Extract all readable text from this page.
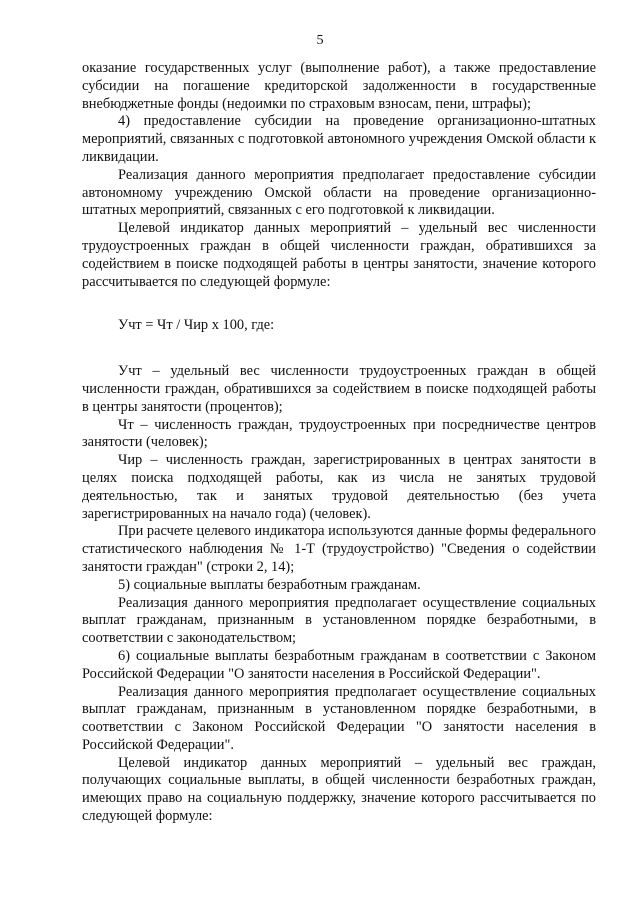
5

оказание государственных услуг (выполнение работ), а также предоставление субсидии на погашение кредиторской задолженности в государственные внебюджетные фонды (недоимки по страховым взносам, пени, штрафы);

4) предоставление субсидии на проведение организационно-штатных мероприятий, связанных с подготовкой автономного учреждения Омской области к ликвидации.

Реализация данного мероприятия предполагает предоставление субсидии автономному учреждению Омской области на проведение организационно-штатных мероприятий, связанных с его подготовкой к ликвидации.

Целевой индикатор данных мероприятий – удельный вес численности трудоустроенных граждан в общей численности граждан, обратившихся за содействием в поиске подходящей работы в центры занятости, значение которого рассчитывается по следующей формуле:

Учт = Чт / Чир x 100, где:

Учт – удельный вес численности трудоустроенных граждан в общей численности граждан, обратившихся за содействием в поиске подходящей работы в центры занятости (процентов);

Чт – численность граждан, трудоустроенных при посредничестве центров занятости (человек);

Чир – численность граждан, зарегистрированных в центрах занятости в целях поиска подходящей работы, как из числа не занятых трудовой деятельностью, так и занятых трудовой деятельностью (без учета зарегистрированных на начало года) (человек).

При расчете целевого индикатора используются данные формы федерального статистического наблюдения № 1-Т (трудоустройство) "Сведения о содействии занятости граждан" (строки 2, 14);

5) социальные выплаты безработным гражданам.

Реализация данного мероприятия предполагает осуществление социальных выплат гражданам, признанным в установленном порядке безработными, в соответствии с законодательством;

6) социальные выплаты безработным гражданам в соответствии с Законом Российской Федерации "О занятости населения в Российской Федерации".

Реализация данного мероприятия предполагает осуществление социальных выплат гражданам, признанным в установленном порядке безработными, в соответствии с Законом Российской Федерации "О занятости населения в Российской Федерации".

Целевой индикатор данных мероприятий – удельный вес граждан, получающих социальные выплаты, в общей численности безработных граждан, имеющих право на социальную поддержку, значение которого рассчитывается по следующей формуле:
